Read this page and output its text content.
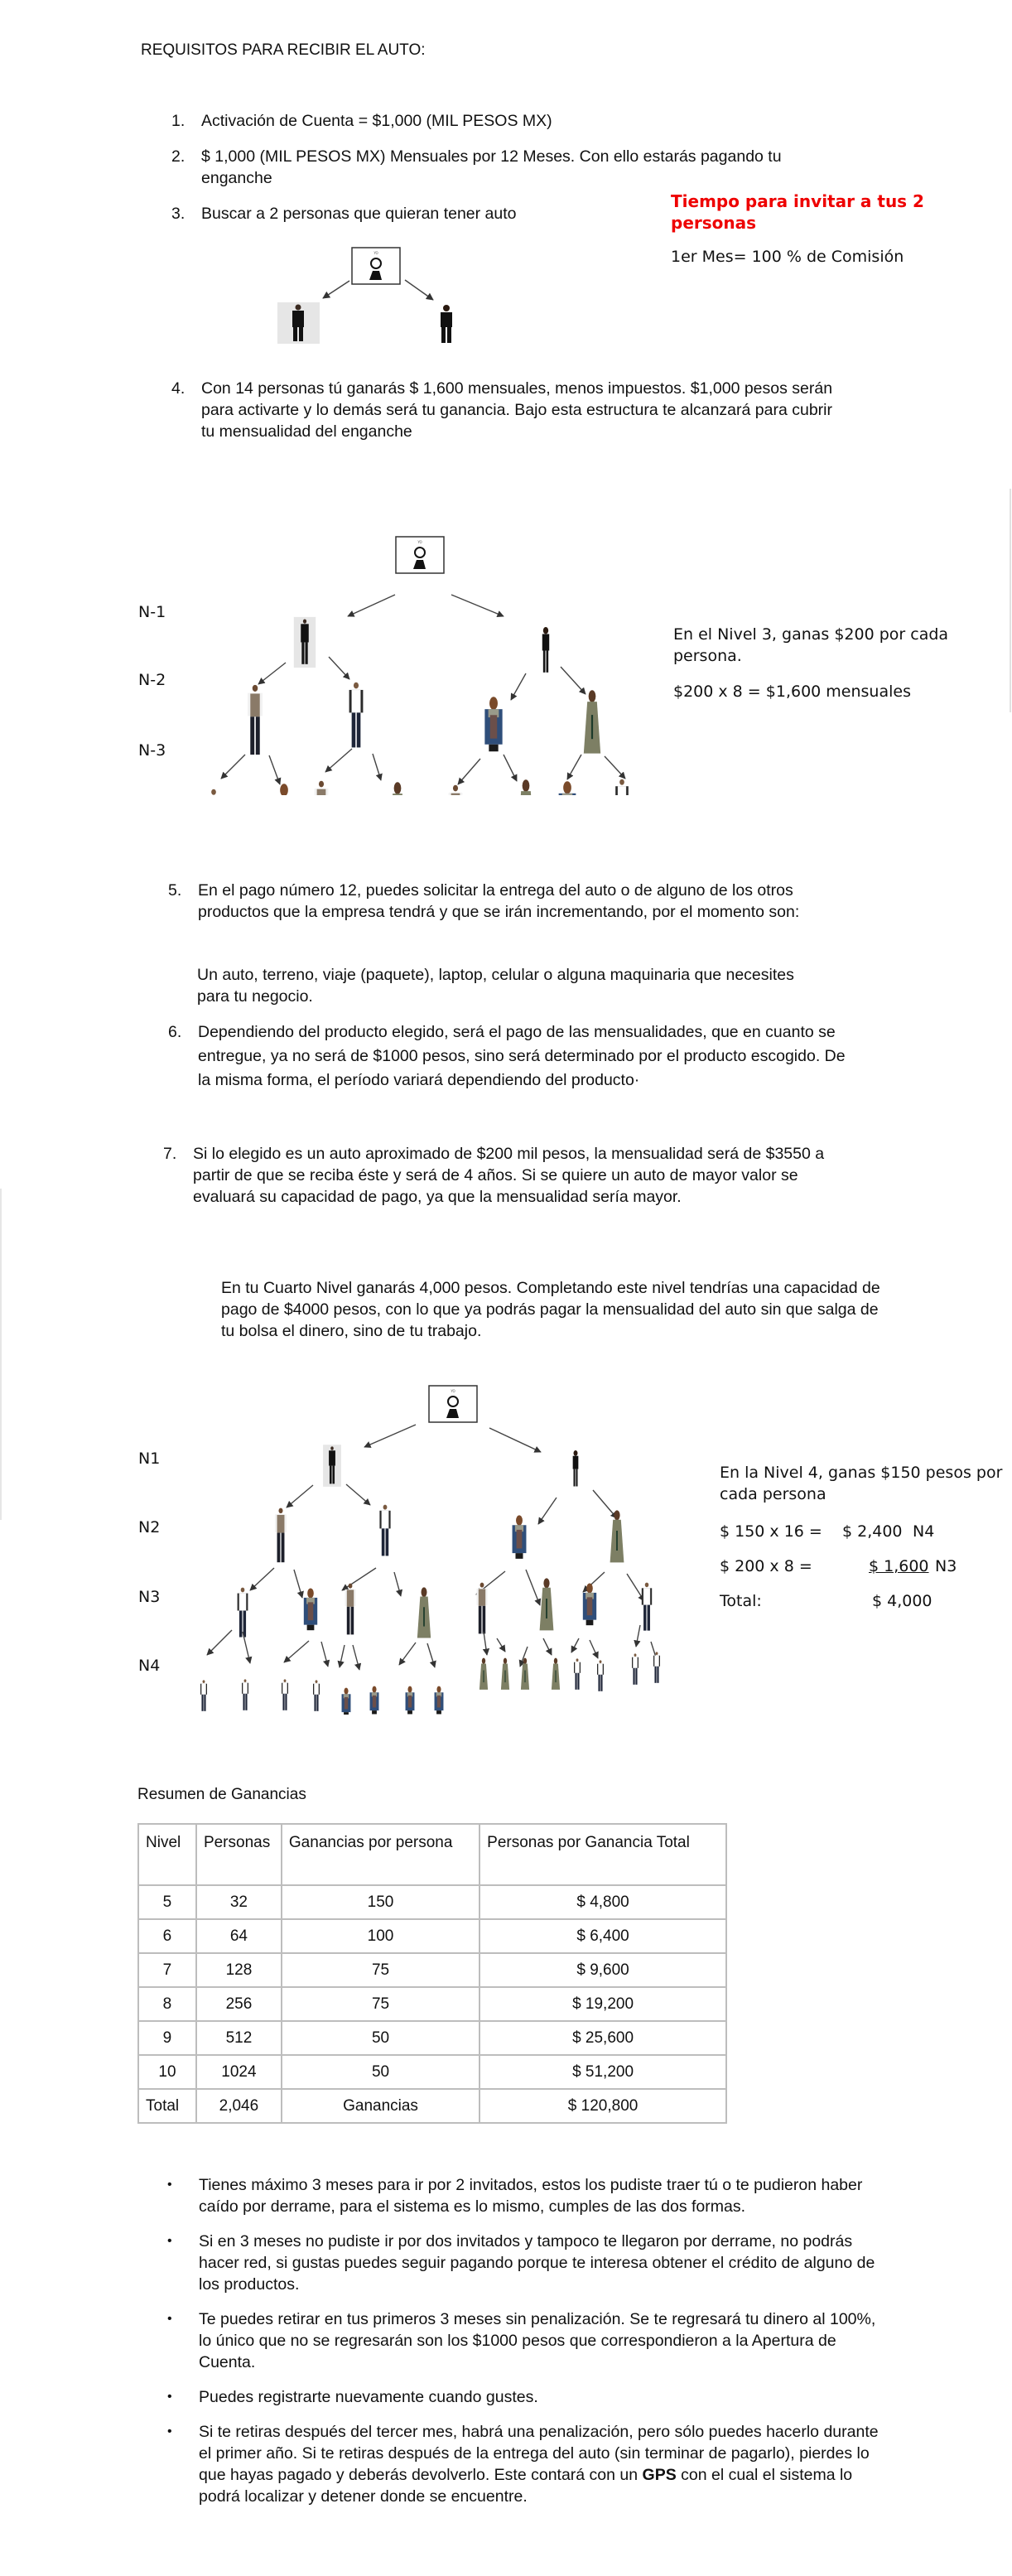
REQUISITOS PARA RECIBIR EL AUTO:
1. Activación de Cuenta = $1,000 (MIL PESOS MX)
2. $ 1,000 (MIL PESOS MX) Mensuales por 12 Meses. Con ello estarás pagando tu enganche
3. Buscar a 2 personas que quieran tener auto
Tiempo para invitar a tus 2 personas
1er Mes= 100 % de Comisión
YO
4. Con 14 personas tú ganarás $ 1,600 mensuales, menos impuestos. $1,000 pesos serán para activarte y lo demás será tu ganancia. Bajo esta estructura te alcanzará para cubrir tu mensualidad del enganche
N-1
N-2
N-3
YO
En el Nivel 3, ganas $200 por cada persona.
$200 x 8 = $1,600 mensuales
5. En el pago número 12, puedes solicitar la entrega del auto o de alguno de los otros productos que la empresa tendrá y que se irán incrementando, por el momento son:
Un auto, terreno, viaje (paquete), laptop, celular o alguna maquinaria que necesites para tu negocio.
6. Dependiendo del producto elegido, será el pago de las mensualidades, que en cuanto se entregue, ya no será de $1000 pesos, sino será determinado por el producto escogido. De la misma forma, el período variará dependiendo del producto·
7. Si lo elegido es un auto aproximado de $200 mil pesos, la mensualidad será de $3550 a partir de que se reciba éste y será de 4 años. Si se quiere un auto de mayor valor se evaluará su capacidad de pago, ya que la mensualidad sería mayor.
En tu Cuarto Nivel ganarás 4,000 pesos. Completando este nivel tendrías una capacidad de pago de $4000 pesos, con lo que ya podrás pagar la mensualidad del auto sin que salga de tu bolsa el dinero, sino de tu trabajo.
N1
N2
N3
N4
YO
En la Nivel 4, ganas $150 pesos por cada persona
$ 150 x 16 = $ 2,400 N4
$ 200 x 8 =	$ 1,600 N3
Total:	$ 4,000
Resumen de Ganancias
Nivel	Personas	Ganancias por persona	Personas por Ganancia Total
5	32	150	$ 4,800
6	64	100	$ 6,400
7	128	75	$ 9,600
8	256	75	$ 19,200
9	512	50	$ 25,600
10	1024	50	$ 51,200
Total	2,046	Ganancias	$ 120,800
• Tienes máximo 3 meses para ir por 2 invitados, estos los pudiste traer tú o te pudieron haber caído por derrame, para el sistema es lo mismo, cumples de las dos formas.
• Si en 3 meses no pudiste ir por dos invitados y tampoco te llegaron por derrame, no podrás hacer red, si gustas puedes seguir pagando porque te interesa obtener el crédito de alguno de los productos.
• Te puedes retirar en tus primeros 3 meses sin penalización. Se te regresará tu dinero al 100%, lo único que no se regresarán son los $1000 pesos que correspondieron a la Apertura de Cuenta.
• Puedes registrarte nuevamente cuando gustes.
• Si te retiras después del tercer mes, habrá una penalización, pero sólo puedes hacerlo durante el primer año. Si te retiras después de la entrega del auto (sin terminar de pagarlo), pierdes lo que hayas pagado y deberás devolverlo. Este contará con un GPS con el cual el sistema lo podrá localizar y detener donde se encuentre.
